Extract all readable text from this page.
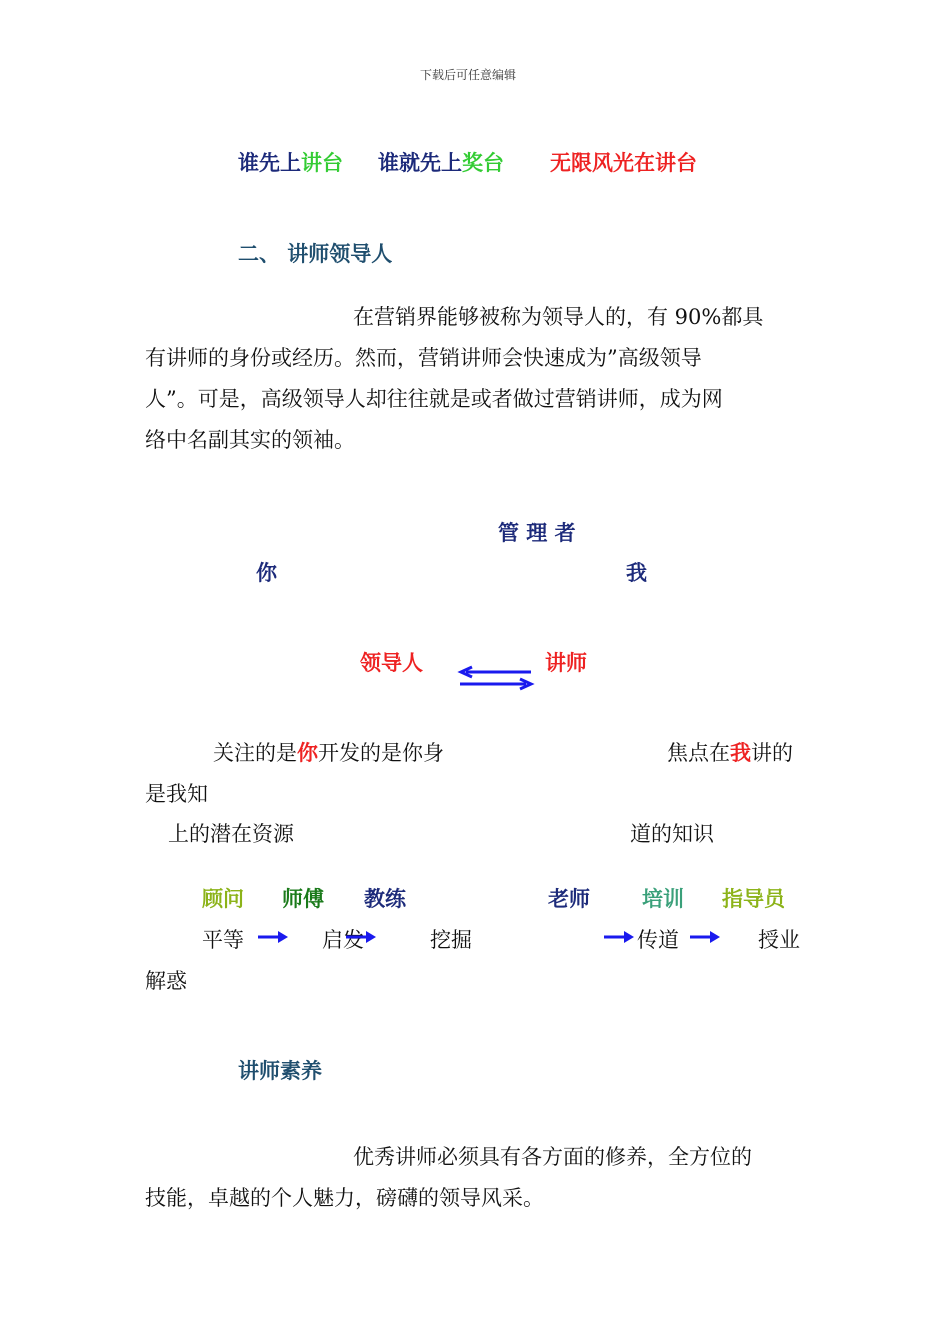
下载后可任意编辑
谁先上讲台 谁就先上奖台 无限风光在讲台
二、 讲师领导人
在营销界能够被称为领导人的，有 90%都具
有讲师的身份或经历。然而，营销讲师会快速成为”高级领导
人”。可是，高级领导人却往往就是或者做过营销讲师，成为网
络中名副其实的领袖。
管 理 者
你	我
领导人	讲师
关注的是你开发的是你身	焦点在我讲的
是我知
上的潜在资源	道的知识
顾问 师傅 教练	老师 培训 指导员
平等	启发	挖掘	传道	授业
解惑
讲师素养
优秀讲师必须具有各方面的修养，全方位的
技能，卓越的个人魅力，磅礴的领导风采。
